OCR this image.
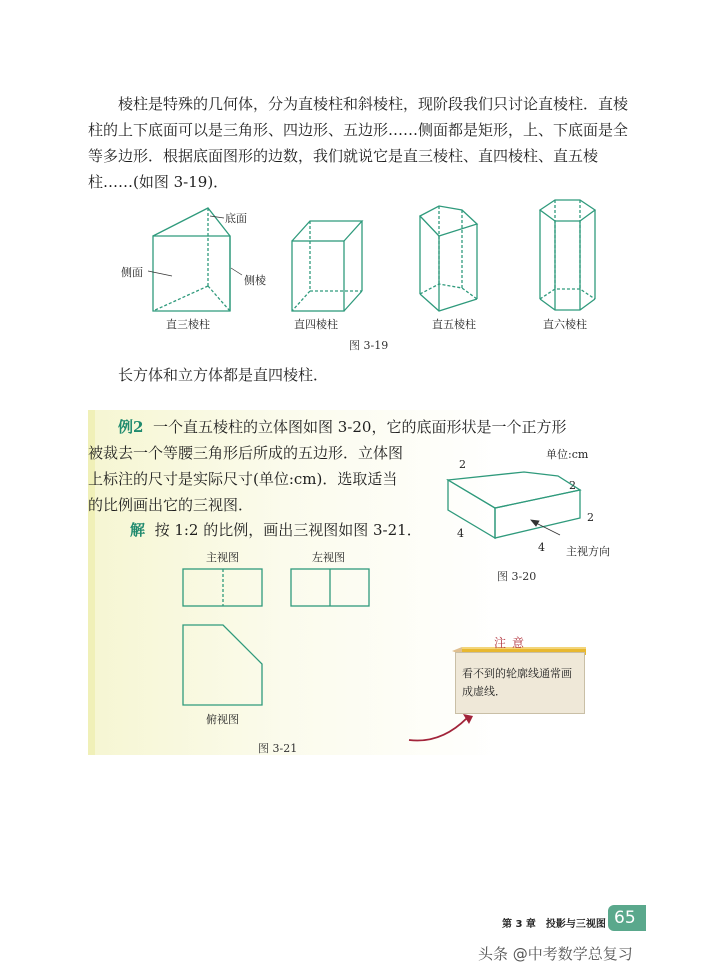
棱柱是特殊的几何体，分为直棱柱和斜棱柱，现阶段我们只讨论直棱柱．直棱柱的上下底面可以是三角形、四边形、五边形……侧面都是矩形，上、下底面是全等多边形．根据底面图形的边数，我们就说它是直三棱柱、直四棱柱、直五棱柱……(如图 3-19)．

底面
侧面
侧棱
直三棱柱	直四棱柱	直五棱柱	直六棱柱
图 3-19

长方体和立方体都是直四棱柱．

例2 一个直五棱柱的立体图如图 3-20，它的底面形状是一个正方形

被裁去一个等腰三角形后所成的五边形．立体图

上标注的尺寸是实际尺寸(单位:cm)．选取适当

的比例画出它的三视图．

解 按 1:2 的比例，画出三视图如图 3-21．

单位:cm
2
2
2
4
4 主视方向
图 3-20
主视图	左视图
俯视图
图 3-21
注意
看不到的轮廓线通常画成虚线．
第 3 章　投影与三视图 65
头条 @中考数学总复习
